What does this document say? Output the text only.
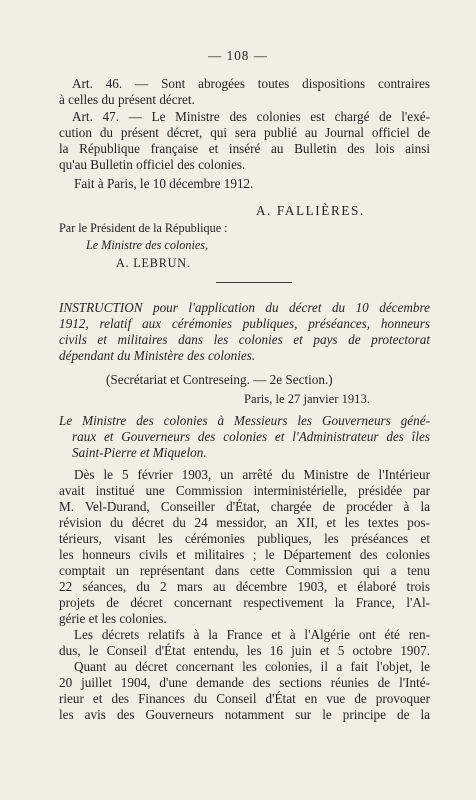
— 108 —
Art. 46. — Sont abrogées toutes dispositions contraires
à celles du présent décret.
Art. 47. — Le Ministre des colonies est chargé de l'exé-
cution du présent décret, qui sera publié au Journal officiel de
la République française et inséré au Bulletin des lois ainsi
qu'au Bulletin officiel des colonies.
Fait à Paris, le 10 décembre 1912.
A. FALLIÈRES.
Par le Président de la République :
Le Ministre des colonies,
A. LEBRUN.
INSTRUCTION pour l'application du décret du 10 décembre
1912, relatif aux cérémonies publiques, préséances, honneurs
civils et militaires dans les colonies et pays de protectorat
dépendant du Ministère des colonies.
(Secrétariat et Contreseing. — 2e Section.)
Paris, le 27 janvier 1913.
Le Ministre des colonies à Messieurs les Gouverneurs géné-
raux et Gouverneurs des colonies et l'Administrateur des îles
Saint-Pierre et Miquelon.
Dès le 5 février 1903, un arrêté du Ministre de l'Intérieur
avait institué une Commission interministérielle, présidée par
M. Vel-Durand, Conseiller d'État, chargée de procéder à la
révision du décret du 24 messidor, an XII, et les textes pos-
térieurs, visant les cérémonies publiques, les préséances et
les honneurs civils et militaires ; le Département des colonies
comptait un représentant dans cette Commission qui a tenu
22 séances, du 2 mars au décembre 1903, et élaboré trois
projets de décret concernant respectivement la France, l'Al-
gérie et les colonies.
Les décrets relatifs à la France et à l'Algérie ont été ren-
dus, le Conseil d'État entendu, les 16 juin et 5 octobre 1907.
Quant au décret concernant les colonies, il a fait l'objet, le
20 juillet 1904, d'une demande des sections réunies de l'Inté-
rieur et des Finances du Conseil d'État en vue de provoquer
les avis des Gouverneurs notamment sur le principe de la
